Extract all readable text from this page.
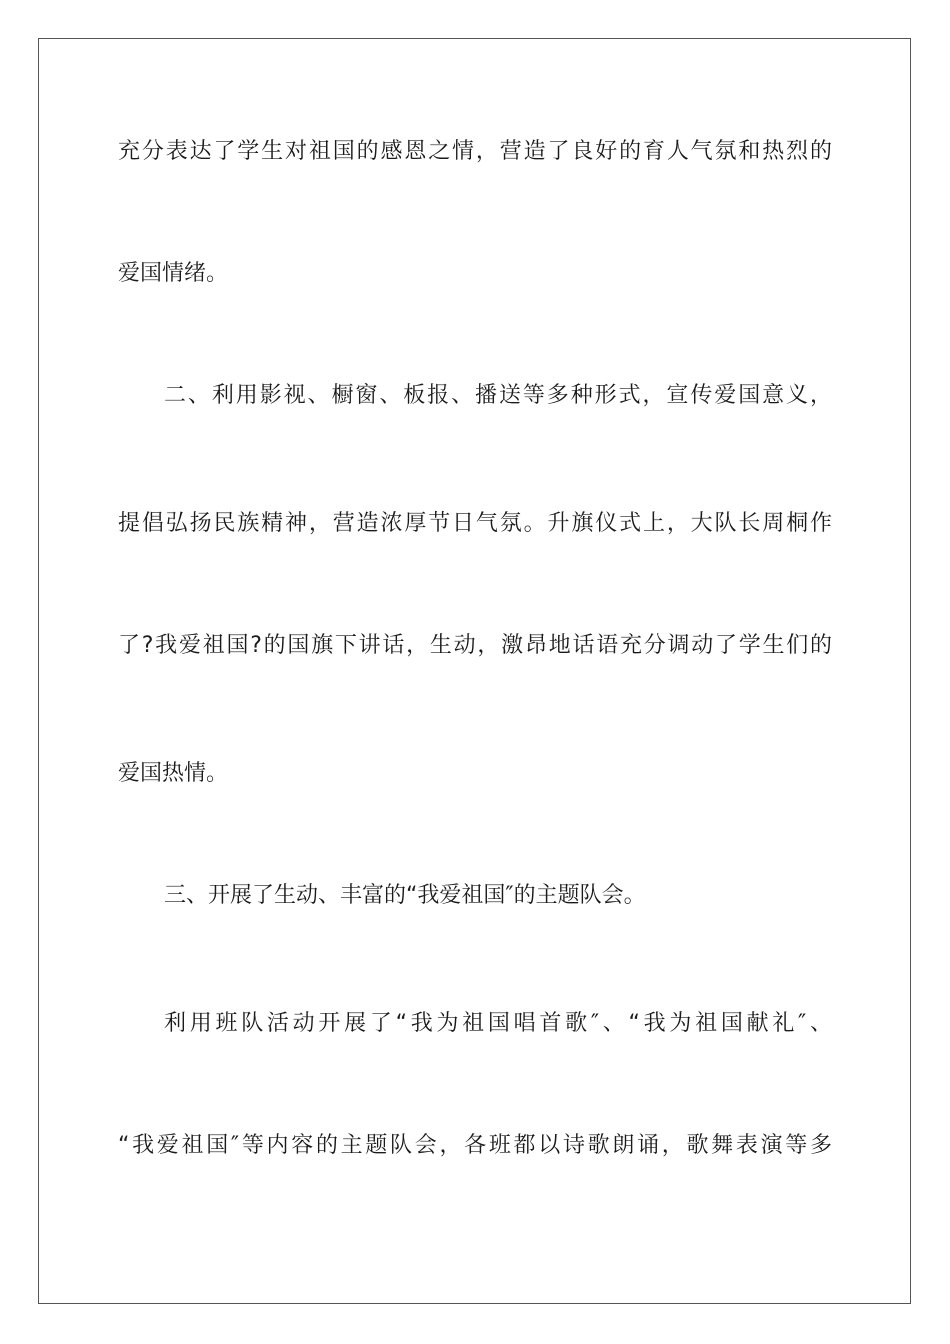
充分表达了学生对祖国的感恩之情，营造了良好的育人气氛和热烈的
爱国情绪。
二、利用影视、橱窗、板报、播送等多种形式，宣传爱国意义，
提倡弘扬民族精神，营造浓厚节日气氛。升旗仪式上，大队长周桐作
了?我爱祖国?的国旗下讲话，生动，激昂地话语充分调动了学生们的
爱国热情。
三、开展了生动、丰富的“我爱祖国″的主题队会。
利用班队活动开展了“我为祖国唱首歌″、“我为祖国献礼″、
“我爱祖国″等内容的主题队会，各班都以诗歌朗诵，歌舞表演等多
